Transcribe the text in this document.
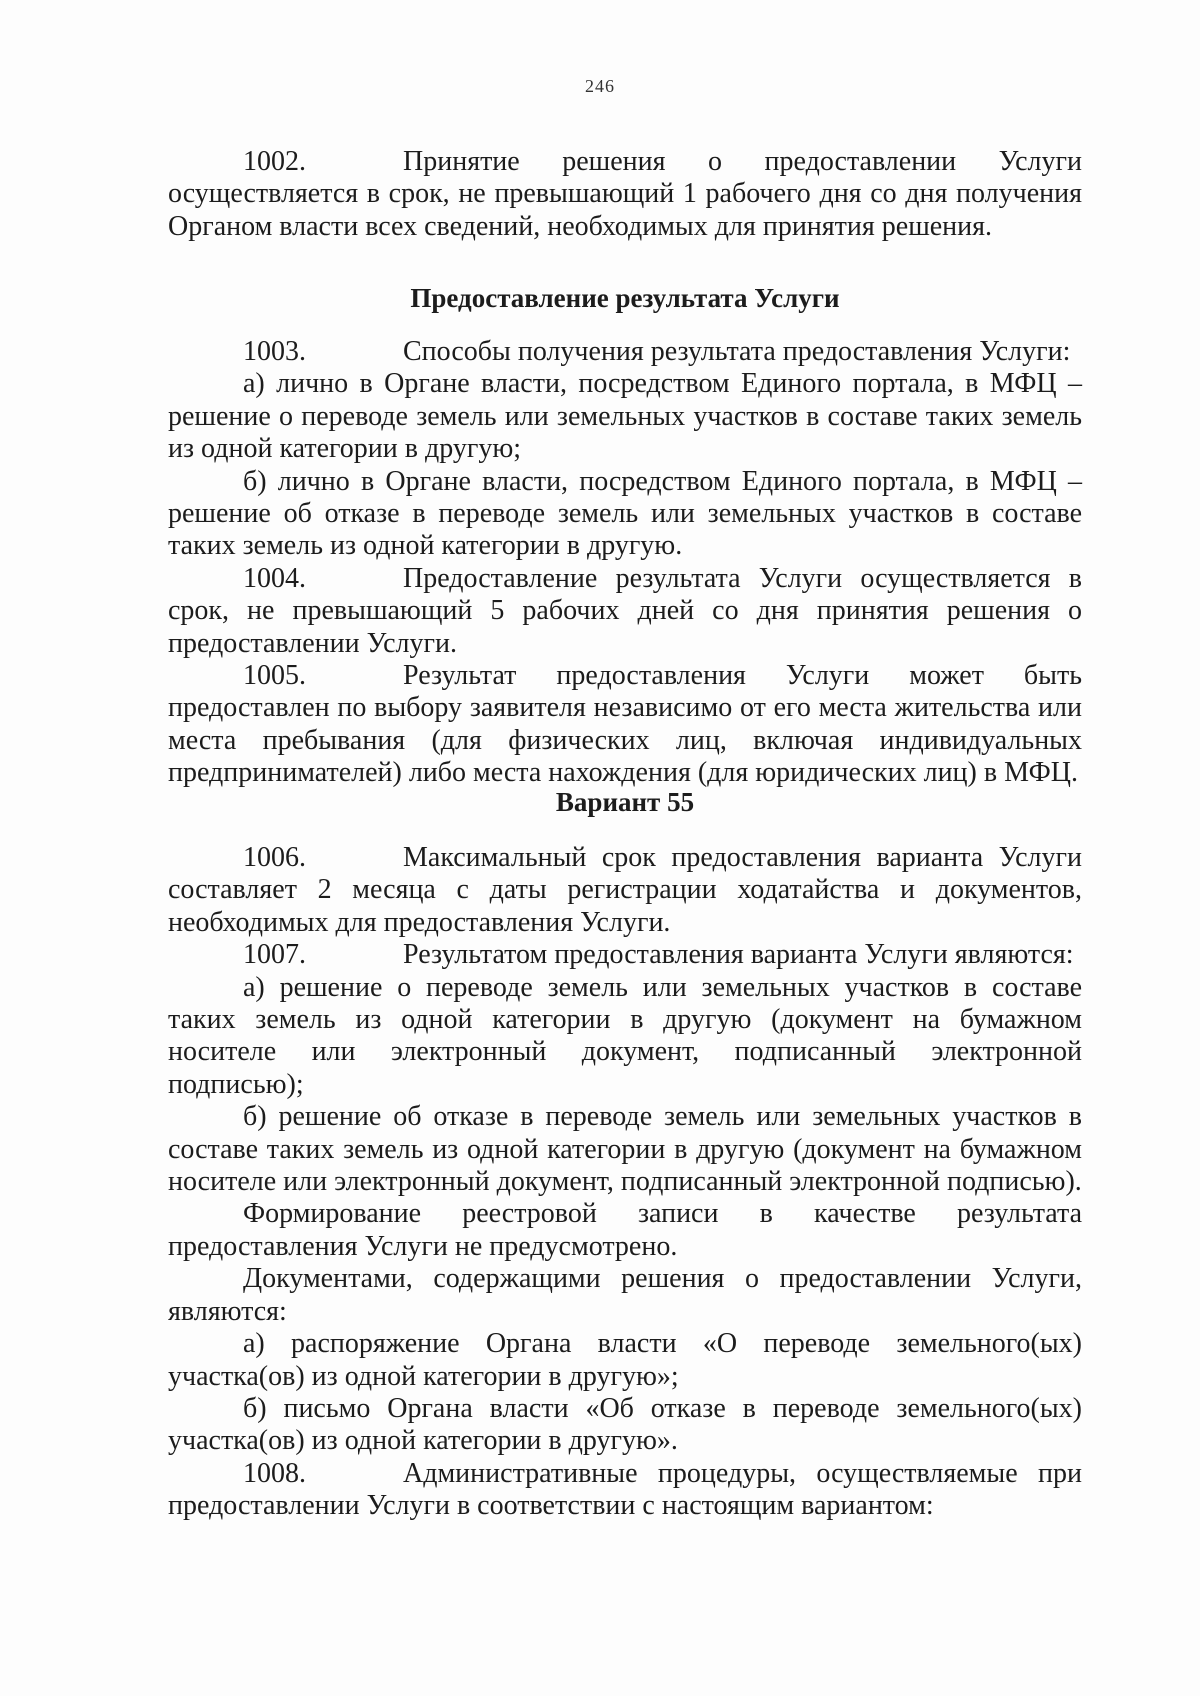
246

1002.	Принятие решения о предоставлении Услуги осуществляется в срок, не превышающий 1 рабочего дня со дня получения Органом власти всех сведений, необходимых для принятия решения.

Предоставление результата Услуги

1003.	Способы получения результата предоставления Услуги:

а) лично в Органе власти, посредством Единого портала, в МФЦ – решение о переводе земель или земельных участков в составе таких земель из одной категории в другую;

б) лично в Органе власти, посредством Единого портала, в МФЦ – решение об отказе в переводе земель или земельных участков в составе таких земель из одной категории в другую.

1004.	Предоставление результата Услуги осуществляется в срок, не превышающий 5 рабочих дней со дня принятия решения о предоставлении Услуги.

1005.	Результат предоставления Услуги может быть предоставлен по выбору заявителя независимо от его места жительства или места пребывания (для физических лиц, включая индивидуальных предпринимателей) либо места нахождения (для юридических лиц) в МФЦ.

Вариант 55

1006.	Максимальный срок предоставления варианта Услуги составляет 2 месяца с даты регистрации ходатайства и документов, необходимых для предоставления Услуги.

1007.	Результатом предоставления варианта Услуги являются:

а) решение о переводе земель или земельных участков в составе таких земель из одной категории в другую (документ на бумажном носителе или электронный документ, подписанный электронной подписью);

б) решение об отказе в переводе земель или земельных участков в составе таких земель из одной категории в другую (документ на бумажном носителе или электронный документ, подписанный электронной подписью).

Формирование реестровой записи в качестве результата предоставления Услуги не предусмотрено.

Документами, содержащими решения о предоставлении Услуги, являются:

а) распоряжение Органа власти «О переводе земельного(ых) участка(ов) из одной категории в другую»;

б) письмо Органа власти «Об отказе в переводе земельного(ых) участка(ов) из одной категории в другую».

1008.	Административные процедуры, осуществляемые при предоставлении Услуги в соответствии с настоящим вариантом:
